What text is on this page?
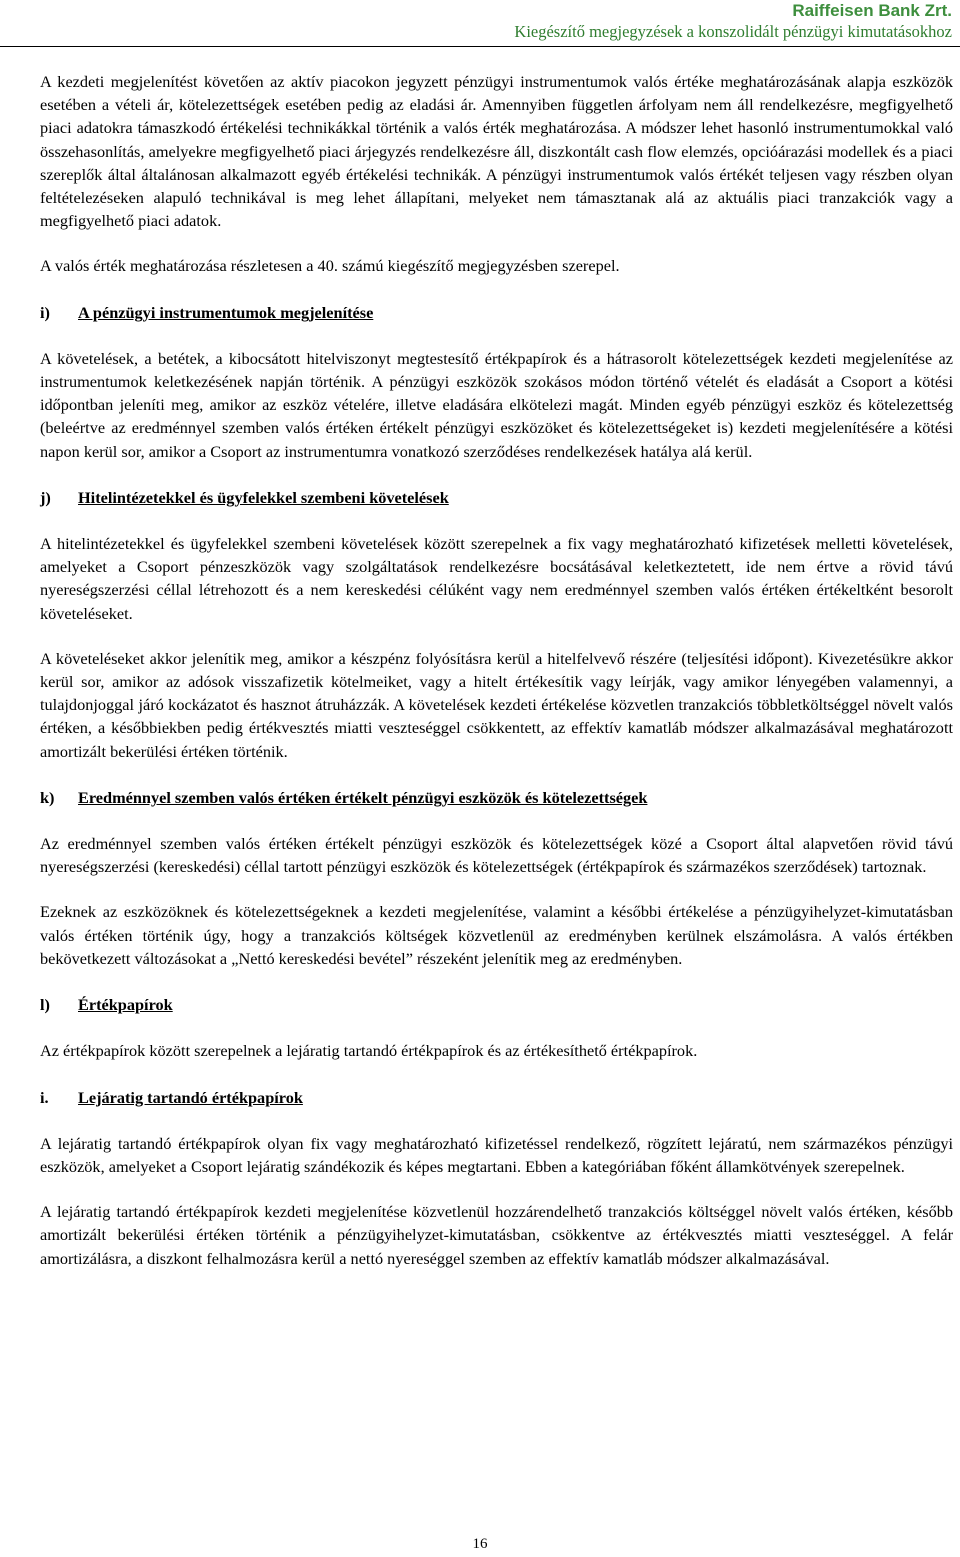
Raiffeisen Bank Zrt.
Kiegészítő megjegyzések a konszolidált pénzügyi kimutatásokhoz

A kezdeti megjelenítést követően az aktív piacokon jegyzett pénzügyi instrumentumok valós értéke meghatározásának alapja eszközök esetében a vételi ár, kötelezettségek esetében pedig az eladási ár. Amennyiben független árfolyam nem áll rendelkezésre, megfigyelhető piaci adatokra támaszkodó értékelési technikákkal történik a valós érték meghatározása. A módszer lehet hasonló instrumentumokkal való összehasonlítás, amelyekre megfigyelhető piaci árjegyzés rendelkezésre áll, diszkontált cash flow elemzés, opcióárazási modellek és a piaci szereplők által általánosan alkalmazott egyéb értékelési technikák. A pénzügyi instrumentumok valós értékét teljesen vagy részben olyan feltételezéseken alapuló technikával is meg lehet állapítani, melyeket nem támasztanak alá az aktuális piaci tranzakciók vagy a megfigyelhető piaci adatok.

A valós érték meghatározása részletesen a 40. számú kiegészítő megjegyzésben szerepel.

i) A pénzügyi instrumentumok megjelenítése

A követelések, a betétek, a kibocsátott hitelviszonyt megtestesítő értékpapírok és a hátrasorolt kötelezettségek kezdeti megjelenítése az instrumentumok keletkezésének napján történik. A pénzügyi eszközök szokásos módon történő vételét és eladását a Csoport a kötési időpontban jeleníti meg, amikor az eszköz vételére, illetve eladására elkötelezi magát. Minden egyéb pénzügyi eszköz és kötelezettség (beleértve az eredménnyel szemben valós értéken értékelt pénzügyi eszközöket és kötelezettségeket is) kezdeti megjelenítésére a kötési napon kerül sor, amikor a Csoport az instrumentumra vonatkozó szerződéses rendelkezések hatálya alá kerül.

j) Hitelintézetekkel és ügyfelekkel szembeni követelések

A hitelintézetekkel és ügyfelekkel szembeni követelések között szerepelnek a fix vagy meghatározható kifizetések melletti követelések, amelyeket a Csoport pénzeszközök vagy szolgáltatások rendelkezésre bocsátásával keletkeztetett, ide nem értve a rövid távú nyereségszerzési céllal létrehozott és a nem kereskedési célúként vagy nem eredménnyel szemben valós értéken értékeltként besorolt követeléseket.

A követeléseket akkor jelenítik meg, amikor a készpénz folyósításra kerül a hitelfelvevő részére (teljesítési időpont). Kivezetésükre akkor kerül sor, amikor az adósok visszafizetik kötelmeiket, vagy a hitelt értékesítik vagy leírják, vagy amikor lényegében valamennyi, a tulajdonjoggal járó kockázatot és hasznot átruházzák. A követelések kezdeti értékelése közvetlen tranzakciós többletköltséggel növelt valós értéken, a későbbiekben pedig értékvesztés miatti veszteséggel csökkentett, az effektív kamatláb módszer alkalmazásával meghatározott amortizált bekerülési értéken történik.

k) Eredménnyel szemben valós értéken értékelt pénzügyi eszközök és kötelezettségek

Az eredménnyel szemben valós értéken értékelt pénzügyi eszközök és kötelezettségek közé a Csoport által alapvetően rövid távú nyereségszerzési (kereskedési) céllal tartott pénzügyi eszközök és kötelezettségek (értékpapírok és származékos szerződések) tartoznak.

Ezeknek az eszközöknek és kötelezettségeknek a kezdeti megjelenítése, valamint a későbbi értékelése a pénzügyihelyzet-kimutatásban valós értéken történik úgy, hogy a tranzakciós költségek közvetlenül az eredményben kerülnek elszámolásra. A valós értékben bekövetkezett változásokat a „Nettó kereskedési bevétel” részeként jelenítik meg az eredményben.

l) Értékpapírok

Az értékpapírok között szerepelnek a lejáratig tartandó értékpapírok és az értékesíthető értékpapírok.

i. Lejáratig tartandó értékpapírok

A lejáratig tartandó értékpapírok olyan fix vagy meghatározható kifizetéssel rendelkező, rögzített lejáratú, nem származékos pénzügyi eszközök, amelyeket a Csoport lejáratig szándékozik és képes megtartani. Ebben a kategóriában főként államkötvények szerepelnek.

A lejáratig tartandó értékpapírok kezdeti megjelenítése közvetlenül hozzárendelhető tranzakciós költséggel növelt valós értéken, később amortizált bekerülési értéken történik a pénzügyihelyzet-kimutatásban, csökkentve az értékvesztés miatti veszteséggel. A felár amortizálásra, a diszkont felhalmozásra kerül a nettó nyereséggel szemben az effektív kamatláb módszer alkalmazásával.

16
